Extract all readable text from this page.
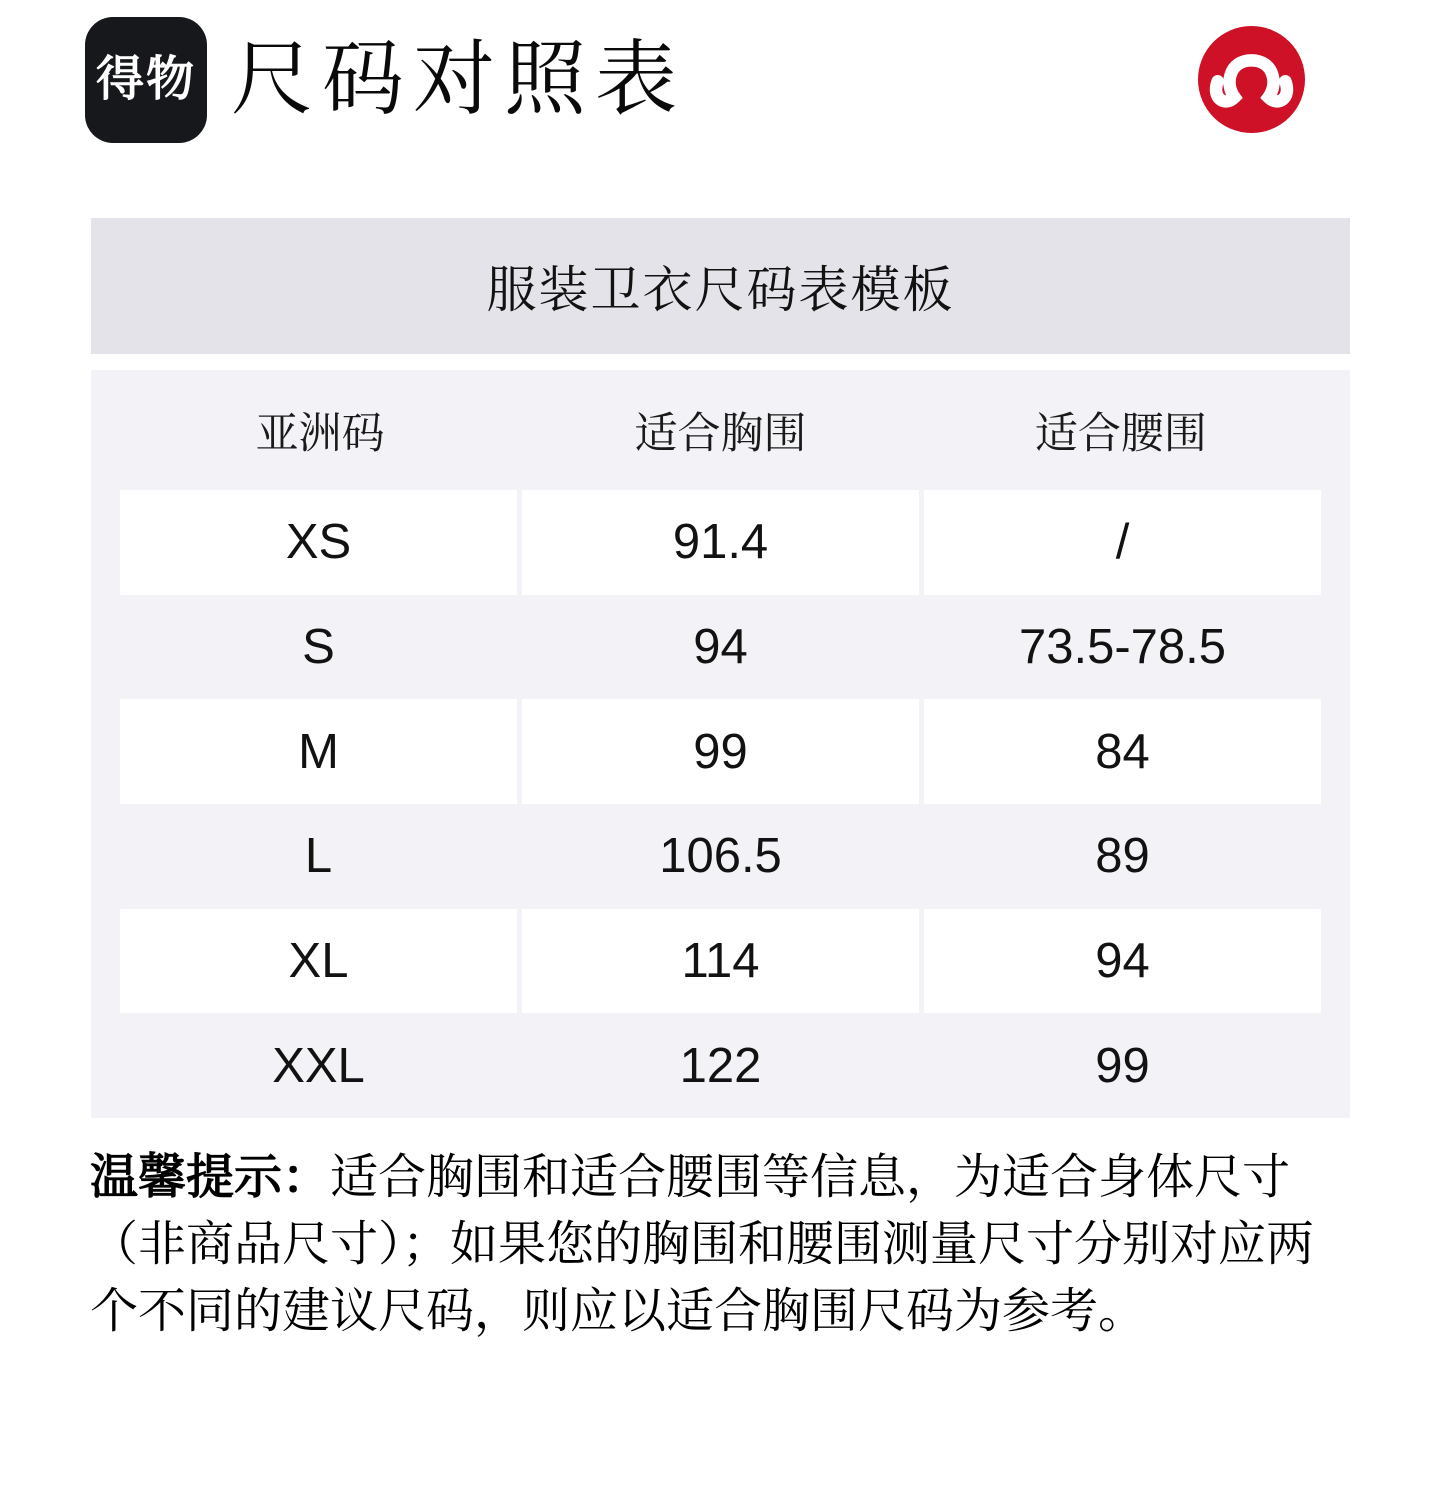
得物 尺码对照表
服装卫衣尺码表模板
亚洲码	适合胸围	适合腰围
XS	91.4	/
S	94	73.5-78.5
M	99	84
L	106.5	89
XL	114	94
XXL	122	99
温馨提示：适合胸围和适合腰围等信息，为适合身体尺寸
（非商品尺寸）；如果您的胸围和腰围测量尺寸分别对应两
个不同的建议尺码，则应以适合胸围尺码为参考。
